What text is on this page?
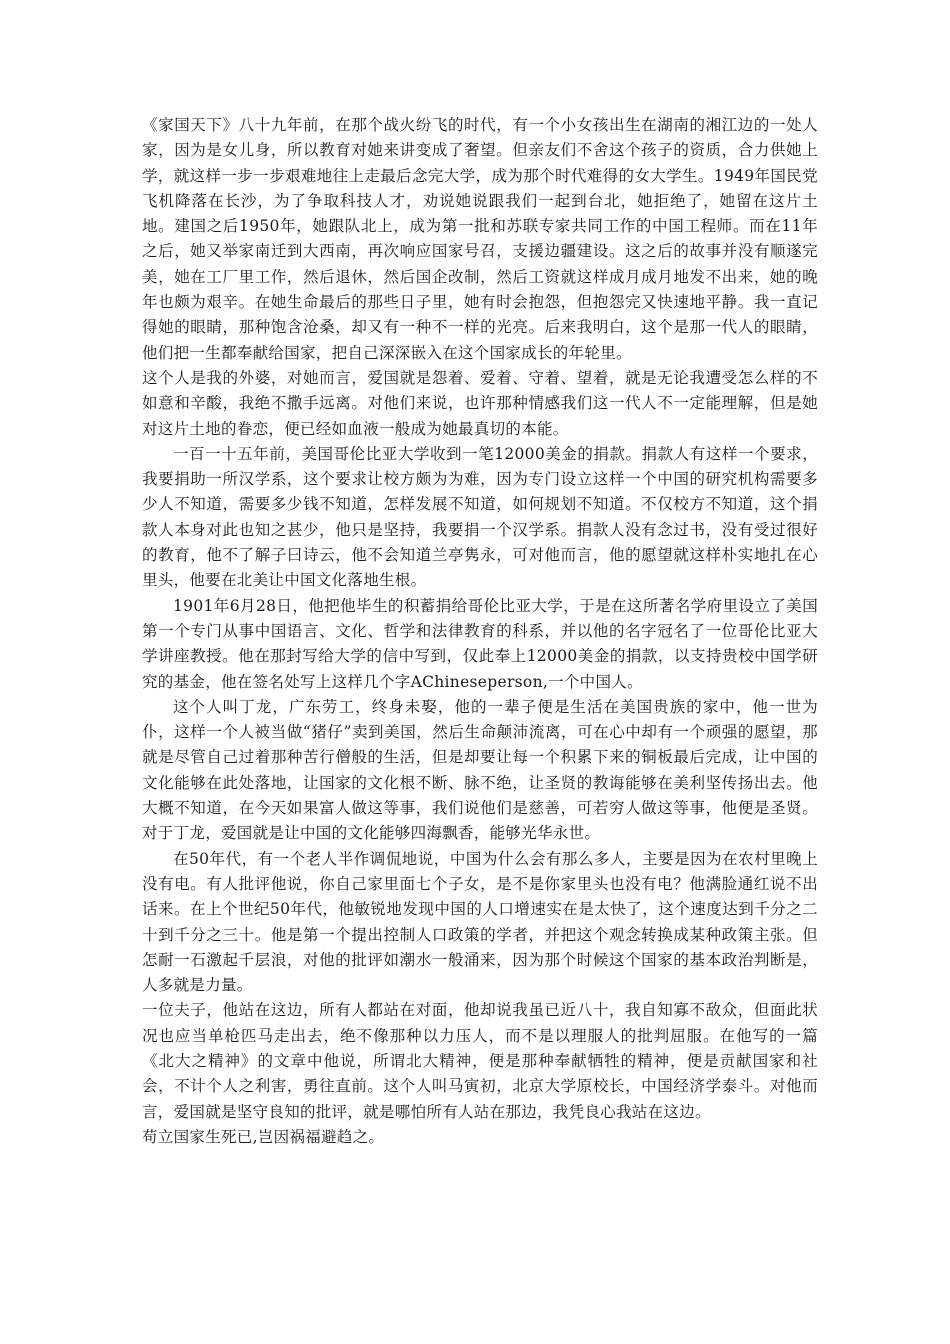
《家国天下》八十九年前，在那个战火纷飞的时代，有一个小女孩出生在湖南的湘江边的一处人家，因为是女儿身，所以教育对她来讲变成了奢望。但亲友们不舍这个孩子的资质，合力供她上学，就这样一步一步艰难地往上走最后念完大学，成为那个时代难得的女大学生。1949年国民党飞机降落在长沙，为了争取科技人才，劝说她说跟我们一起到台北，她拒绝了，她留在这片土地。建国之后1950年，她跟队北上，成为第一批和苏联专家共同工作的中国工程师。而在11年之后，她又举家南迁到大西南，再次响应国家号召，支援边疆建设。这之后的故事并没有顺遂完美，她在工厂里工作，然后退休，然后国企改制，然后工资就这样成月成月地发不出来，她的晚年也颇为艰辛。在她生命最后的那些日子里，她有时会抱怨，但抱怨完又快速地平静。我一直记得她的眼睛，那种饱含沧桑，却又有一种不一样的光亮。后来我明白，这个是那一代人的眼睛，他们把一生都奉献给国家，把自己深深嵌入在这个国家成长的年轮里。

这个人是我的外婆，对她而言，爱国就是怨着、爱着、守着、望着，就是无论我遭受怎么样的不如意和辛酸，我绝不撒手远离。对他们来说，也许那种情感我们这一代人不一定能理解，但是她对这片土地的眷恋，便已经如血液一般成为她最真切的本能。

一百一十五年前，美国哥伦比亚大学收到一笔12000美金的捐款。捐款人有这样一个要求，我要捐助一所汉学系，这个要求让校方颇为为难，因为专门设立这样一个中国的研究机构需要多少人不知道，需要多少钱不知道，怎样发展不知道，如何规划不知道。不仅校方不知道，这个捐款人本身对此也知之甚少，他只是坚持，我要捐一个汉学系。捐款人没有念过书，没有受过很好的教育，他不了解子曰诗云，他不会知道兰亭隽永，可对他而言，他的愿望就这样朴实地扎在心里头，他要在北美让中国文化落地生根。

1901年6月28日，他把他毕生的积蓄捐给哥伦比亚大学，于是在这所著名学府里设立了美国第一个专门从事中国语言、文化、哲学和法律教育的科系，并以他的名字冠名了一位哥伦比亚大学讲座教授。他在那封写给大学的信中写到，仅此奉上12000美金的捐款，以支持贵校中国学研究的基金，他在签名处写上这样几个字AChineseperson,一个中国人。

这个人叫丁龙，广东劳工，终身未娶，他的一辈子便是生活在美国贵族的家中，他一世为仆，这样一个人被当做“猪仔”卖到美国，然后生命颠沛流离，可在心中却有一个顽强的愿望，那就是尽管自己过着那种苦行僧般的生活，但是却要让每一个积累下来的铜板最后完成，让中国的文化能够在此处落地，让国家的文化根不断、脉不绝，让圣贤的教诲能够在美利坚传扬出去。他大概不知道，在今天如果富人做这等事，我们说他们是慈善，可若穷人做这等事，他便是圣贤。对于丁龙，爱国就是让中国的文化能够四海飘香，能够光华永世。

在50年代，有一个老人半作调侃地说，中国为什么会有那么多人，主要是因为在农村里晚上没有电。有人批评他说，你自己家里面七个子女，是不是你家里头也没有电？他满脸通红说不出话来。在上个世纪50年代，他敏锐地发现中国的人口增速实在是太快了，这个速度达到千分之二十到千分之三十。他是第一个提出控制人口政策的学者，并把这个观念转换成某种政策主张。但怎耐一石激起千层浪，对他的批评如潮水一般涌来，因为那个时候这个国家的基本政治判断是，人多就是力量。

一位夫子，他站在这边，所有人都站在对面，他却说我虽已近八十，我自知寡不敌众，但面此状况也应当单枪匹马走出去，绝不像那种以力压人，而不是以理服人的批判屈服。在他写的一篇《北大之精神》的文章中他说，所谓北大精神，便是那种奉献牺牲的精神，便是贡献国家和社会，不计个人之利害，勇往直前。这个人叫马寅初，北京大学原校长，中国经济学泰斗。对他而言，爱国就是坚守良知的批评，就是哪怕所有人站在那边，我凭良心我站在这边。

苟立国家生死已,岂因祸福避趋之。
